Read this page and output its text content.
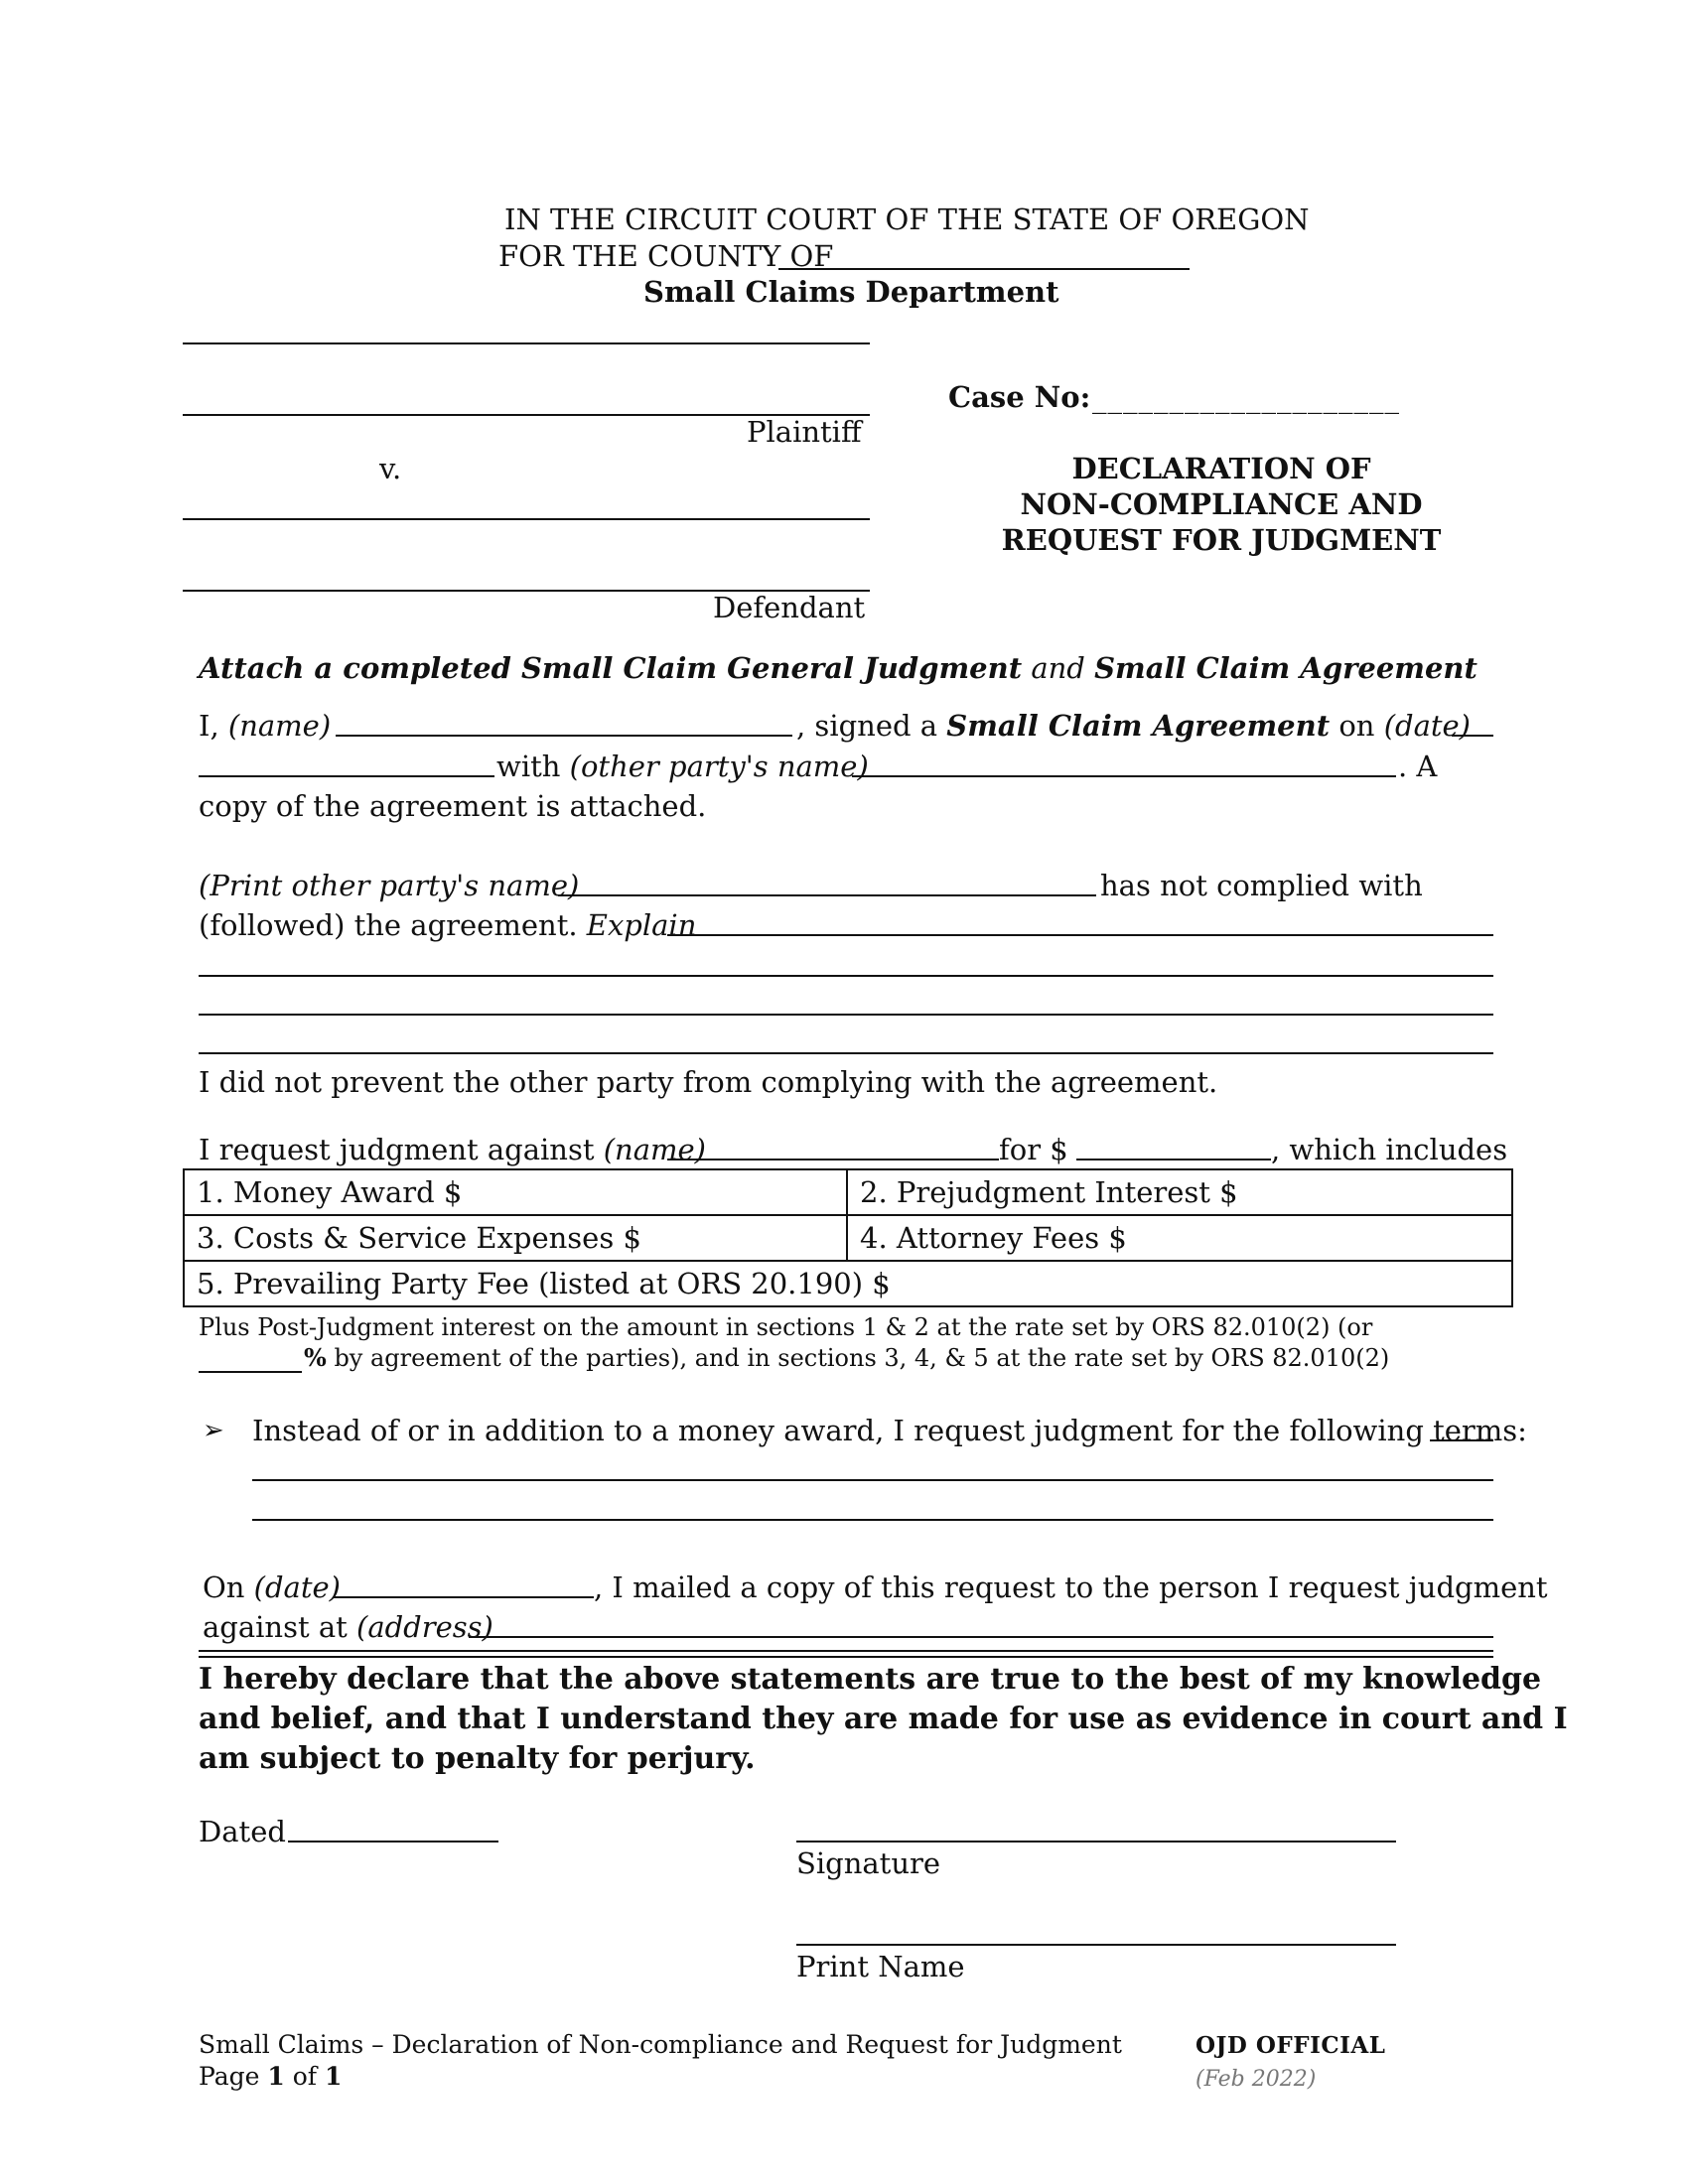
IN THE CIRCUIT COURT OF THE STATE OF OREGON
FOR THE COUNTY OF
Small Claims Department
Plaintiff
v.
Defendant
Case No: ____________________
DECLARATION OF
NON-COMPLIANCE AND
REQUEST FOR JUDGMENT
Attach a completed Small Claim General Judgment and Small Claim Agreement
I, (name)	, signed a Small Claim Agreement on (date)
with (other party's name)	. A
copy of the agreement is attached.
(Print other party's name)	has not complied with
(followed) the agreement. Explain
I did not prevent the other party from complying with the agreement.
I request judgment against (name)	for $	, which includes
1. Money Award $	2. Prejudgment Interest $
3. Costs & Service Expenses $	4. Attorney Fees $
5. Prevailing Party Fee (listed at ORS 20.190) $	
Plus Post-Judgment interest on the amount in sections 1 & 2 at the rate set by ORS 82.010(2) (or
% by agreement of the parties), and in sections 3, 4, & 5 at the rate set by ORS 82.010(2)
➢ Instead of or in addition to a money award, I request judgment for the following terms:
On (date)	, I mailed a copy of this request to the person I request judgment
against at (address)
I hereby declare that the above statements are true to the best of my knowledge
and belief, and that I understand they are made for use as evidence in court and I
am subject to penalty for perjury.
Dated
Signature
Print Name
Small Claims – Declaration of Non-compliance and Request for Judgment
Page 1 of 1
OJD OFFICIAL
(Feb 2022)
